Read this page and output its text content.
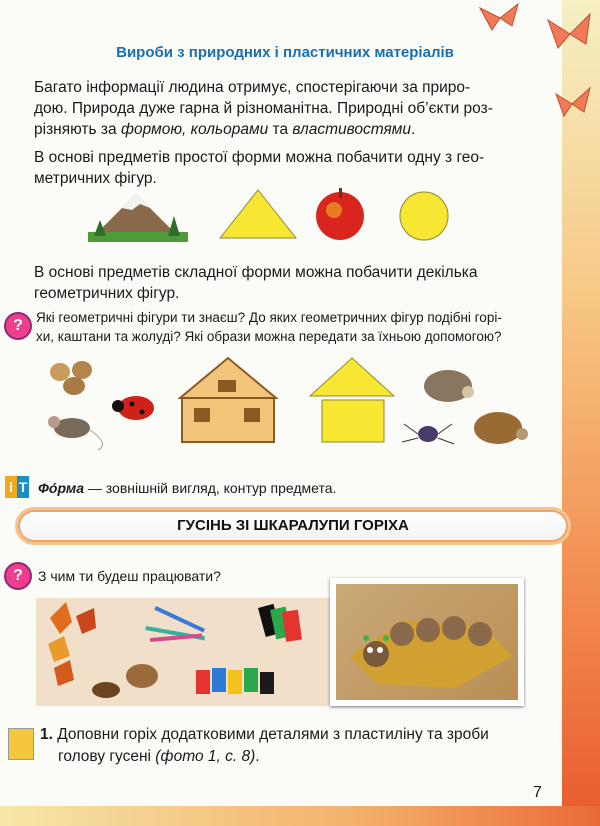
Вироби з природних і пластичних матеріалів
Багато інформації людина отримує, спостерігаючи за приро-
дою. Природа дуже гарна й різноманітна. Природні об’єкти роз-
різняють за формою, кольорами та властивостями.
В основі предметів простої форми можна побачити одну з гео-
метричних фігур.
В основі предметів складної форми можна побачити декілька
геометричних фігур.
? Які геометричні фігури ти знаєш? До яких геометричних фігур подібні горі-
хи, каштани та жолуді? Які образи можна передати за їхньою допомогою?
i T Фо́рма — зовнішній вигляд, контур предмета.
ГУСІНЬ ЗІ ШКАРАЛУПИ ГОРІХА
?	З чим ти будеш працювати?
1. Доповни горіх додатковими деталями з пластиліну та зроби
голову гусені (фото 1, с. 8).
7
